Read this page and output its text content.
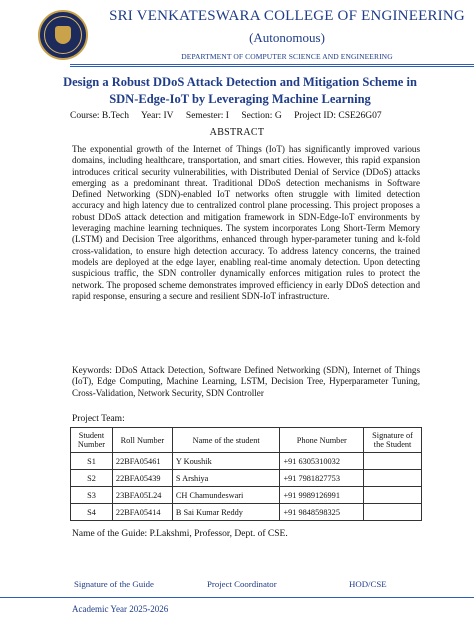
SRI VENKATESWARA COLLEGE OF ENGINEERING
(Autonomous)
DEPARTMENT OF COMPUTER SCIENCE AND ENGINEERING
Design a Robust DDoS Attack Detection and Mitigation Scheme in
SDN-Edge-IoT by Leveraging Machine Learning
Course: B.Tech Year: IV Semester: I Section: G Project ID: CSE26G07
ABSTRACT
The exponential growth of the Internet of Things (IoT) has significantly improved various domains, including healthcare, transportation, and smart cities. However, this rapid expansion introduces critical security vulnerabilities, with Distributed Denial of Service (DDoS) attacks emerging as a predominant threat. Traditional DDoS detection mechanisms in Software Defined Networking (SDN)-enabled IoT networks often struggle with limited detection accuracy and high latency due to centralized control plane processing. This project proposes a robust DDoS attack detection and mitigation framework in SDN-Edge-IoT environments by leveraging machine learning techniques. The system incorporates Long Short-Term Memory (LSTM) and Decision Tree algorithms, enhanced through hyper-parameter tuning and k-fold cross-validation, to ensure high detection accuracy. To address latency concerns, the trained models are deployed at the edge layer, enabling real-time anomaly detection. Upon detecting suspicious traffic, the SDN controller dynamically enforces mitigation rules to protect the network. The proposed scheme demonstrates improved efficiency in early DDoS detection and rapid response, ensuring a secure and resilient SDN-IoT infrastructure.
Keywords: DDoS Attack Detection, Software Defined Networking (SDN), Internet of Things (IoT), Edge Computing, Machine Learning, LSTM, Decision Tree, Hyperparameter Tuning, Cross-Validation, Network Security, SDN Controller
Project Team:
Student Number	Roll Number	Name of the student	Phone Number	Signature of the Student
S1	22BFA05461	Y Koushik	+91 6305310032	
S2	22BFA05439	S Arshiya	+91 7981827753	
S3	23BFA05L24	CH Chamundeswari	+91 9989126991	
S4	22BFA05414	B Sai Kumar Reddy	+91 9848598325	
Name of the Guide: P.Lakshmi, Professor, Dept. of CSE.
Signature of the Guide	Project Coordinator	HOD/CSE
Academic Year 2025-2026
